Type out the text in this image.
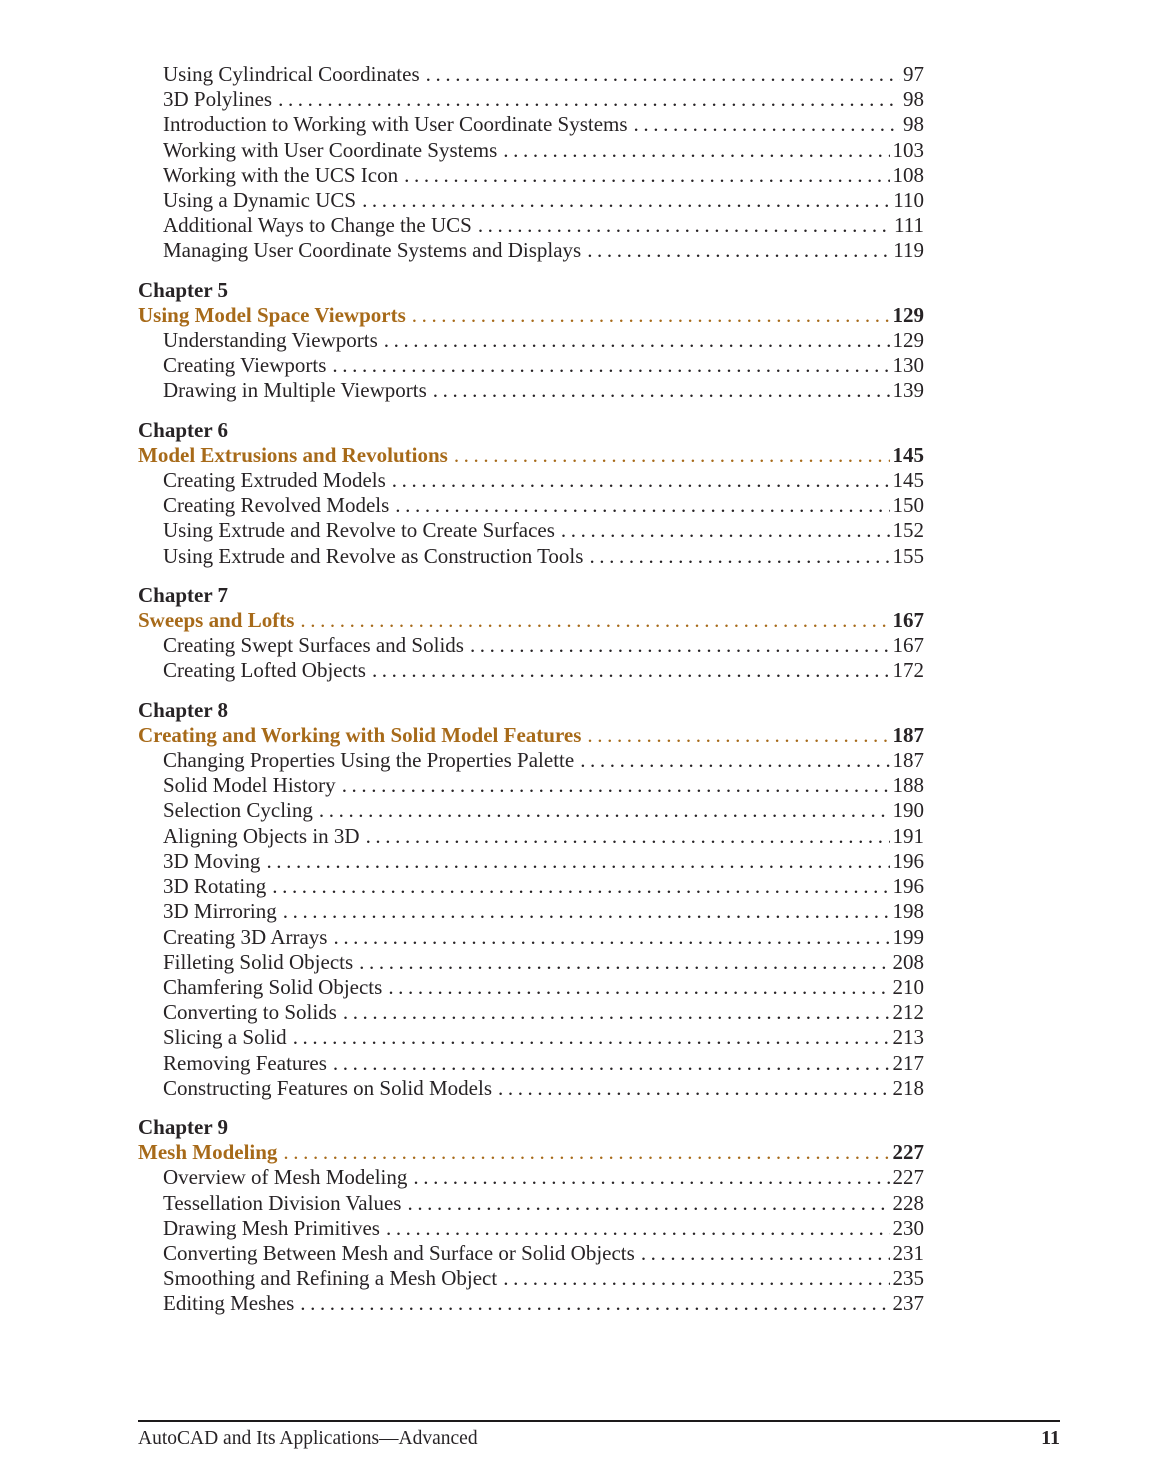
Using Cylindrical Coordinates .....	97
3D Polylines .....	98
Introduction to Working with User Coordinate Systems .....	98
Working with User Coordinate Systems .....	103
Working with the UCS Icon .....	108
Using a Dynamic UCS .....	110
Additional Ways to Change the UCS .....	111
Managing User Coordinate Systems and Displays .....	119
Chapter 5
Using Model Space Viewports .....	129
Understanding Viewports .....	129
Creating Viewports .....	130
Drawing in Multiple Viewports .....	139
Chapter 6
Model Extrusions and Revolutions .....	145
Creating Extruded Models .....	145
Creating Revolved Models .....	150
Using Extrude and Revolve to Create Surfaces .....	152
Using Extrude and Revolve as Construction Tools .....	155
Chapter 7
Sweeps and Lofts .....	167
Creating Swept Surfaces and Solids .....	167
Creating Lofted Objects .....	172
Chapter 8
Creating and Working with Solid Model Features .....	187
Changing Properties Using the Properties Palette .....	187
Solid Model History .....	188
Selection Cycling .....	190
Aligning Objects in 3D .....	191
3D Moving .....	196
3D Rotating .....	196
3D Mirroring .....	198
Creating 3D Arrays .....	199
Filleting Solid Objects .....	208
Chamfering Solid Objects .....	210
Converting to Solids .....	212
Slicing a Solid .....	213
Removing Features .....	217
Constructing Features on Solid Models .....	218
Chapter 9
Mesh Modeling .....	227
Overview of Mesh Modeling .....	227
Tessellation Division Values .....	228
Drawing Mesh Primitives .....	230
Converting Between Mesh and Surface or Solid Objects .....	231
Smoothing and Refining a Mesh Object .....	235
Editing Meshes .....	237
AutoCAD and Its Applications—Advanced	11
